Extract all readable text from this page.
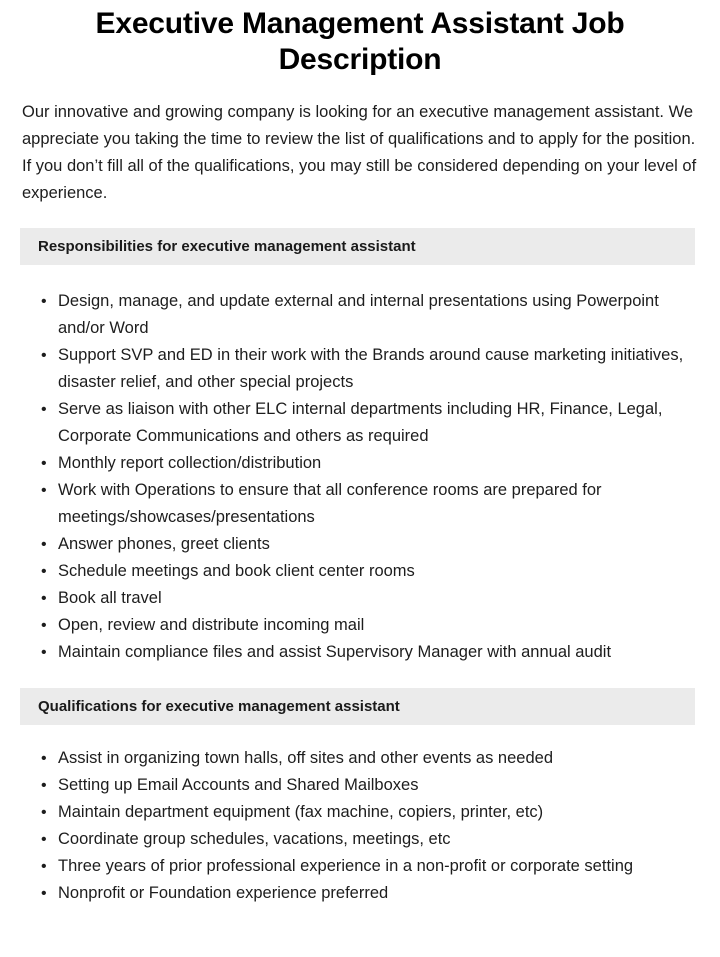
Executive Management Assistant Job Description

Our innovative and growing company is looking for an executive management assistant. We appreciate you taking the time to review the list of qualifications and to apply for the position. If you don’t fill all of the qualifications, you may still be considered depending on your level of experience.

Responsibilities for executive management assistant
• Design, manage, and update external and internal presentations using Powerpoint and/or Word
• Support SVP and ED in their work with the Brands around cause marketing initiatives, disaster relief, and other special projects
• Serve as liaison with other ELC internal departments including HR, Finance, Legal, Corporate Communications and others as required
• Monthly report collection/distribution
• Work with Operations to ensure that all conference rooms are prepared for meetings/showcases/presentations
• Answer phones, greet clients
• Schedule meetings and book client center rooms
• Book all travel
• Open, review and distribute incoming mail
• Maintain compliance files and assist Supervisory Manager with annual audit
Qualifications for executive management assistant
• Assist in organizing town halls, off sites and other events as needed
• Setting up Email Accounts and Shared Mailboxes
• Maintain department equipment (fax machine, copiers, printer, etc)
• Coordinate group schedules, vacations, meetings, etc
• Three years of prior professional experience in a non-profit or corporate setting
• Nonprofit or Foundation experience preferred
